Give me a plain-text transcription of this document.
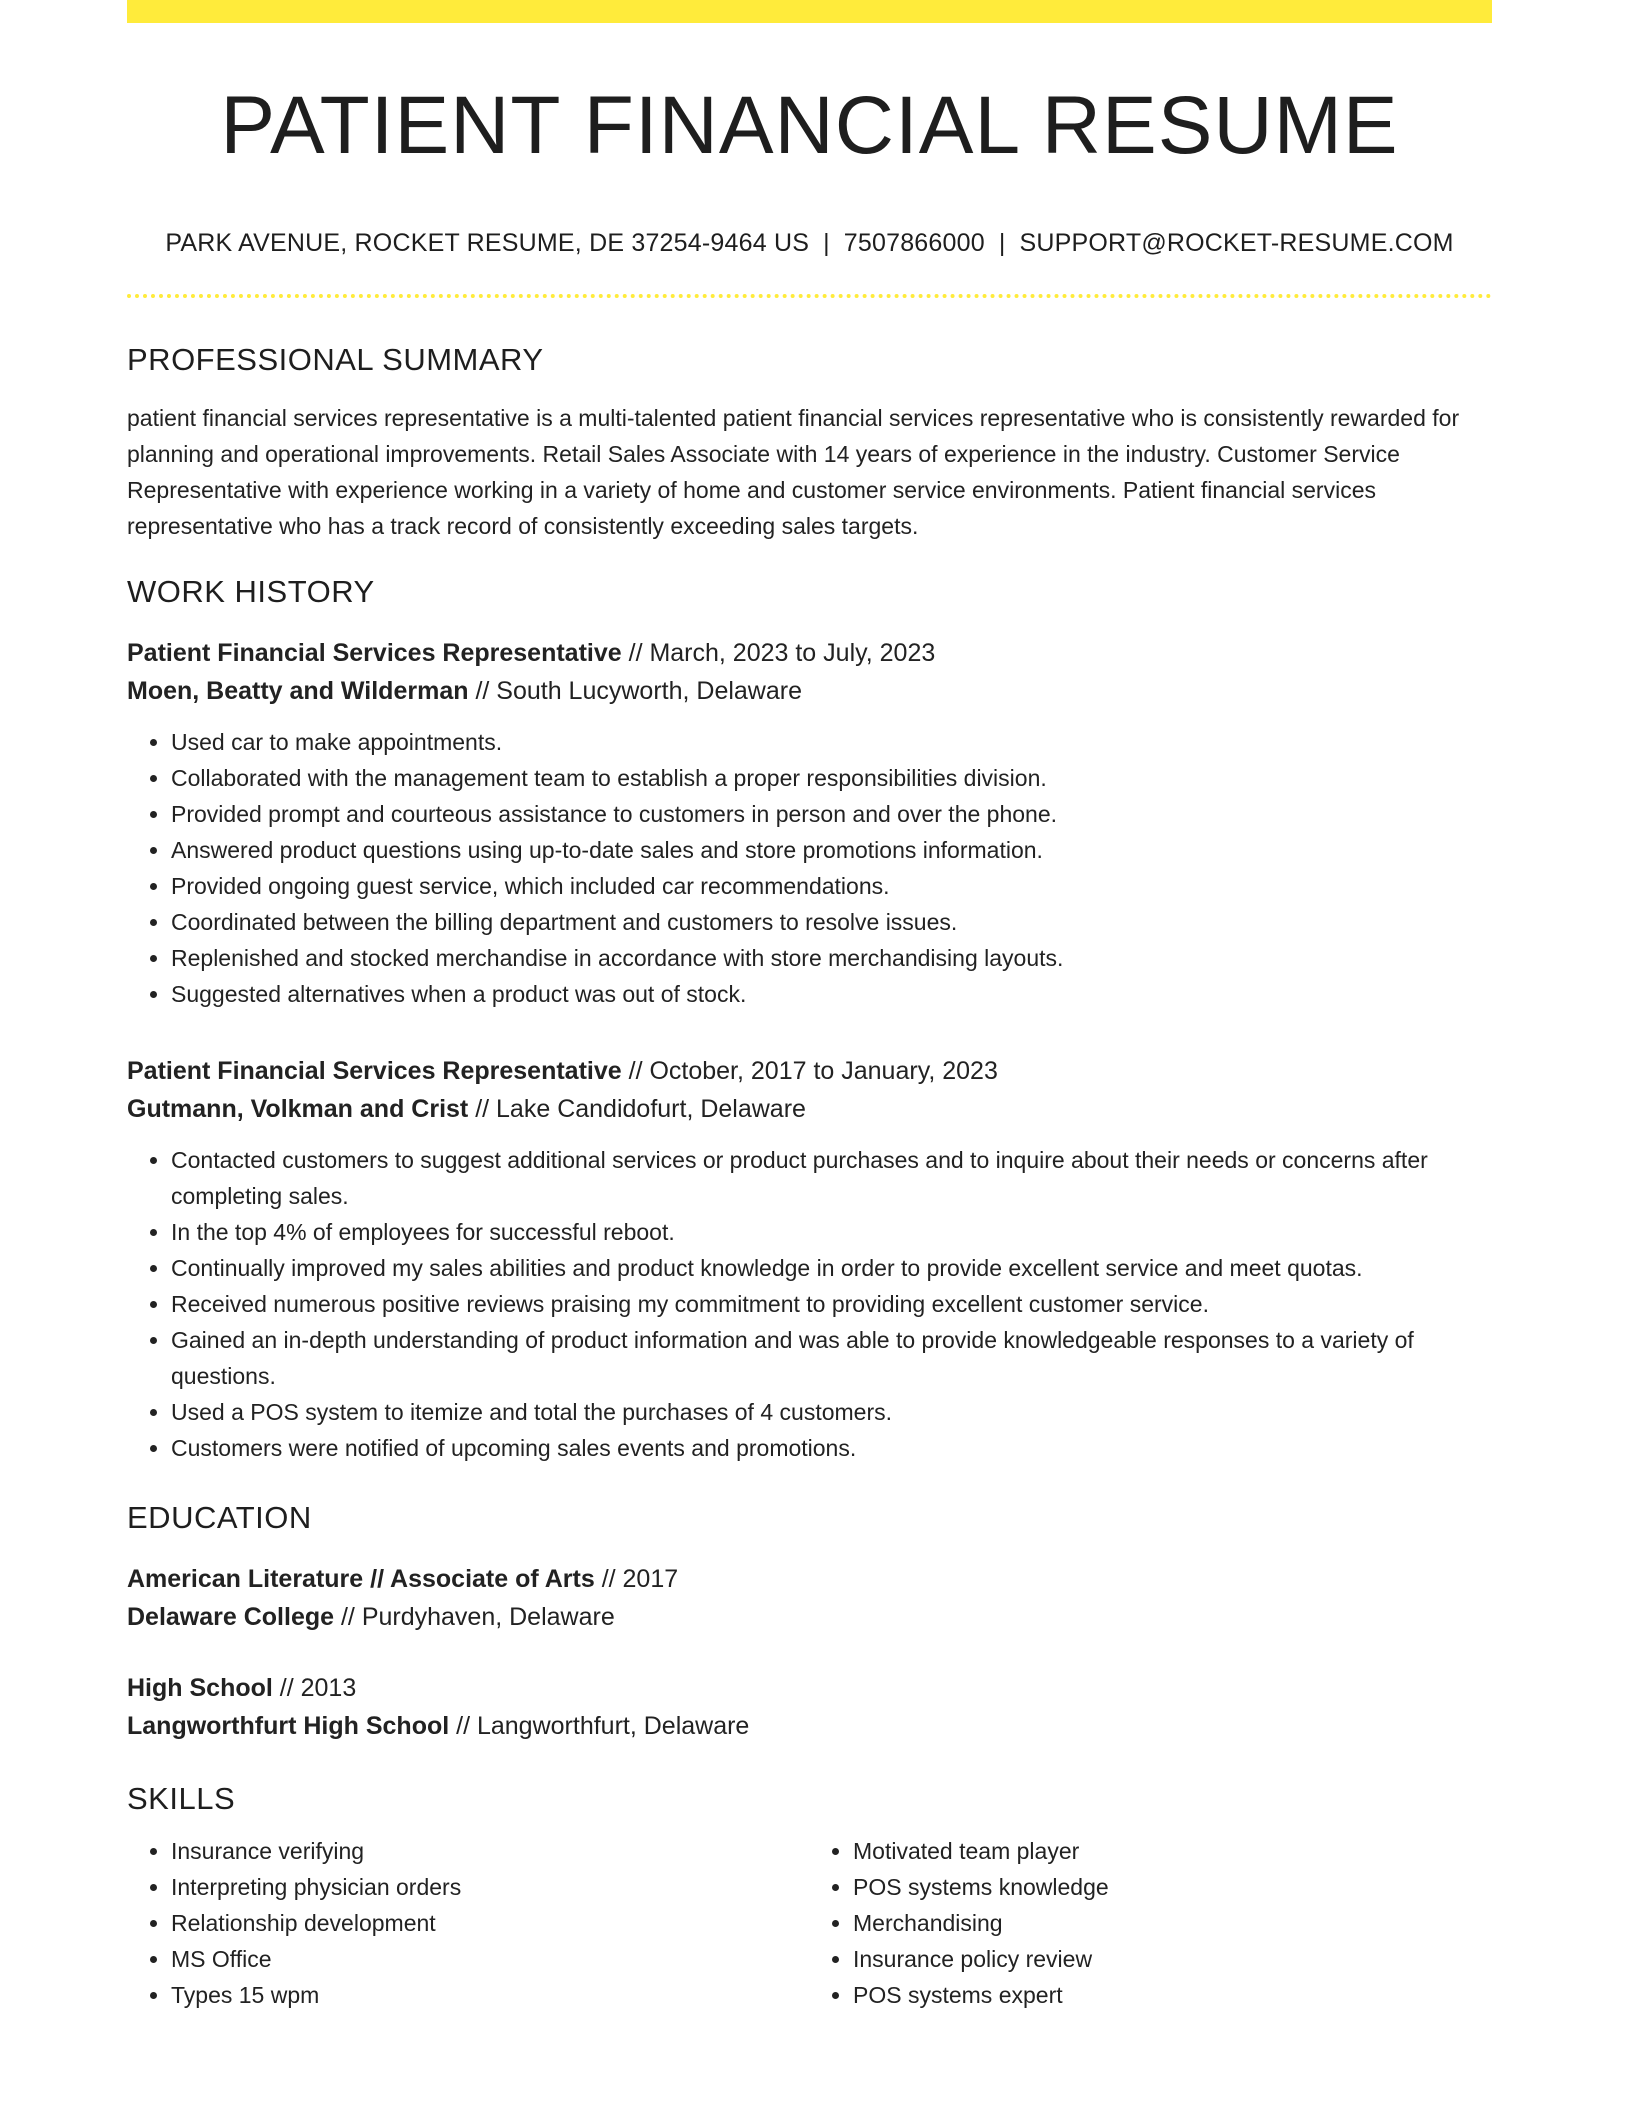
PATIENT FINANCIAL RESUME
PARK AVENUE, ROCKET RESUME, DE 37254-9464 US | 7507866000 | SUPPORT@ROCKET-RESUME.COM
PROFESSIONAL SUMMARY

patient financial services representative is a multi-talented patient financial services representative who is consistently rewarded for planning and operational improvements. Retail Sales Associate with 14 years of experience in the industry. Customer Service Representative with experience working in a variety of home and customer service environments. Patient financial services representative who has a track record of consistently exceeding sales targets.

WORK HISTORY
Patient Financial Services Representative // March, 2023 to July, 2023
Moen, Beatty and Wilderman // South Lucyworth, Delaware
• Used car to make appointments.
• Collaborated with the management team to establish a proper responsibilities division.
• Provided prompt and courteous assistance to customers in person and over the phone.
• Answered product questions using up-to-date sales and store promotions information.
• Provided ongoing guest service, which included car recommendations.
• Coordinated between the billing department and customers to resolve issues.
• Replenished and stocked merchandise in accordance with store merchandising layouts.
• Suggested alternatives when a product was out of stock.
Patient Financial Services Representative // October, 2017 to January, 2023
Gutmann, Volkman and Crist // Lake Candidofurt, Delaware
• Contacted customers to suggest additional services or product purchases and to inquire about their needs or concerns after completing sales.
• In the top 4% of employees for successful reboot.
• Continually improved my sales abilities and product knowledge in order to provide excellent service and meet quotas.
• Received numerous positive reviews praising my commitment to providing excellent customer service.
• Gained an in-depth understanding of product information and was able to provide knowledgeable responses to a variety of questions.
• Used a POS system to itemize and total the purchases of 4 customers.
• Customers were notified of upcoming sales events and promotions.
EDUCATION
American Literature // Associate of Arts // 2017
Delaware College // Purdyhaven, Delaware
High School // 2013
Langworthfurt High School // Langworthfurt, Delaware
SKILLS
• Insurance verifying
• Interpreting physician orders
• Relationship development
• MS Office
• Types 15 wpm
• Motivated team player
• POS systems knowledge
• Merchandising
• Insurance policy review
• POS systems expert
